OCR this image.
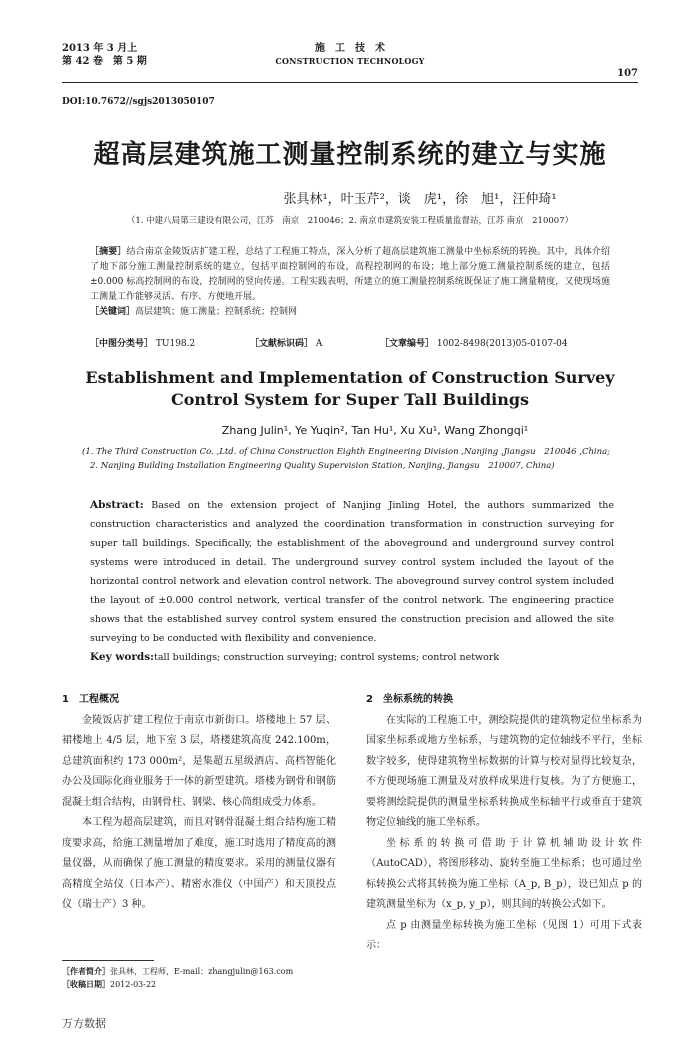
2013 年 3 月上
第 42 卷　第 5 期
施　工　技　术
CONSTRUCTION TECHNOLOGY
107
DOI:10.7672//sgjs2013050107
超高层建筑施工测量控制系统的建立与实施
张具林¹，叶玉芹²，谈　虎¹，徐　旭¹，汪仲琦¹
（1. 中建八局第三建设有限公司，江苏　南京　210046；2. 南京市建筑安装工程质量监督站，江苏 南京　210007）
［摘要］结合南京金陵饭店扩建工程，总结了工程施工特点，深入分析了超高层建筑施工测量中坐标系统的转换。其中，具体介绍了地下部分施工测量控制系统的建立，包括平面控制网的布设，高程控制网的布设；地上部分施工测量控制系统的建立，包括 ±0.000 标高控制网的布设，控制网的竖向传递。工程实践表明，所建立的施工测量控制系统既保证了施工测量精度，又使现场施工测量工作能够灵活、有序、方便地开展。
［关键词］高层建筑；施工测量；控制系统；控制网
［中图分类号］ TU198.2	［文献标识码］ A	［文章编号］ 1002-8498(2013)05-0107-04
Establishment and Implementation of Construction Survey
Control System for Super Tall Buildings
Zhang Julin¹, Ye Yuqin², Tan Hu¹, Xu Xu¹, Wang Zhongqi¹
(1. The Third Construction Co. ,Ltd. of China Construction Eighth Engineering Division ,Nanjing ,Jiangsu　210046 ,China;
2. Nanjing Building Installation Engineering Quality Supervision Station, Nanjing, Jiangsu　210007, China)
Abstract: Based on the extension project of Nanjing Jinling Hotel, the authors summarized the construction characteristics and analyzed the coordination transformation in construction surveying for super tall buildings. Specifically, the establishment of the aboveground and underground survey control systems were introduced in detail. The underground survey control system included the layout of the horizontal control network and elevation control network. The aboveground survey control system included the layout of ±0.000 control network, vertical transfer of the control network. The engineering practice shows that the established survey control system ensured the construction precision and allowed the site surveying to be conducted with flexibility and convenience.
Key words:tall buildings; construction surveying; control systems; control network
1　工程概况

金陵饭店扩建工程位于南京市新街口。塔楼地上 57 层、裙楼地上 4/5 层，地下室 3 层，塔楼建筑高度 242.100m，总建筑面积约 173 000m²，是集超五星级酒店、高档智能化办公及国际化商业服务于一体的新型建筑。塔楼为钢骨和钢筋混凝土组合结构，由钢骨柱、钢梁、核心筒组成受力体系。

本工程为超高层建筑，而且对钢骨混凝土组合结构施工精度要求高，给施工测量增加了难度，施工时选用了精度高的测量仪器，从而确保了施工测量的精度要求。采用的测量仪器有高精度全站仪（日本产）、精密水准仪（中国产）和天顶投点仪（瑞士产）3 种。

2　坐标系统的转换

在实际的工程施工中，测绘院提供的建筑物定位坐标系为国家坐标系或地方坐标系，与建筑物的定位轴线不平行，坐标数字较多，使得建筑物坐标数据的计算与校对显得比较复杂，不方便现场施工测量及对放样成果进行复核。为了方便施工，要将测绘院提供的测量坐标系转换成坐标轴平行或垂直于建筑物定位轴线的施工坐标系。

坐标系的转换可借助于计算机辅助设计软件（AutoCAD），将图形移动、旋转至施工坐标系；也可通过坐标转换公式将其转换为施工坐标（A_p, B_p），设已知点 p 的建筑测量坐标为（x_p, y_p），则其间的转换公式如下。

点 p 由测量坐标转换为施工坐标（见图 1）可用下式表示：

［作者简介］张具林，工程师，E-mail：zhangjulin@163.com
［收稿日期］2012-03-22
万方数据
